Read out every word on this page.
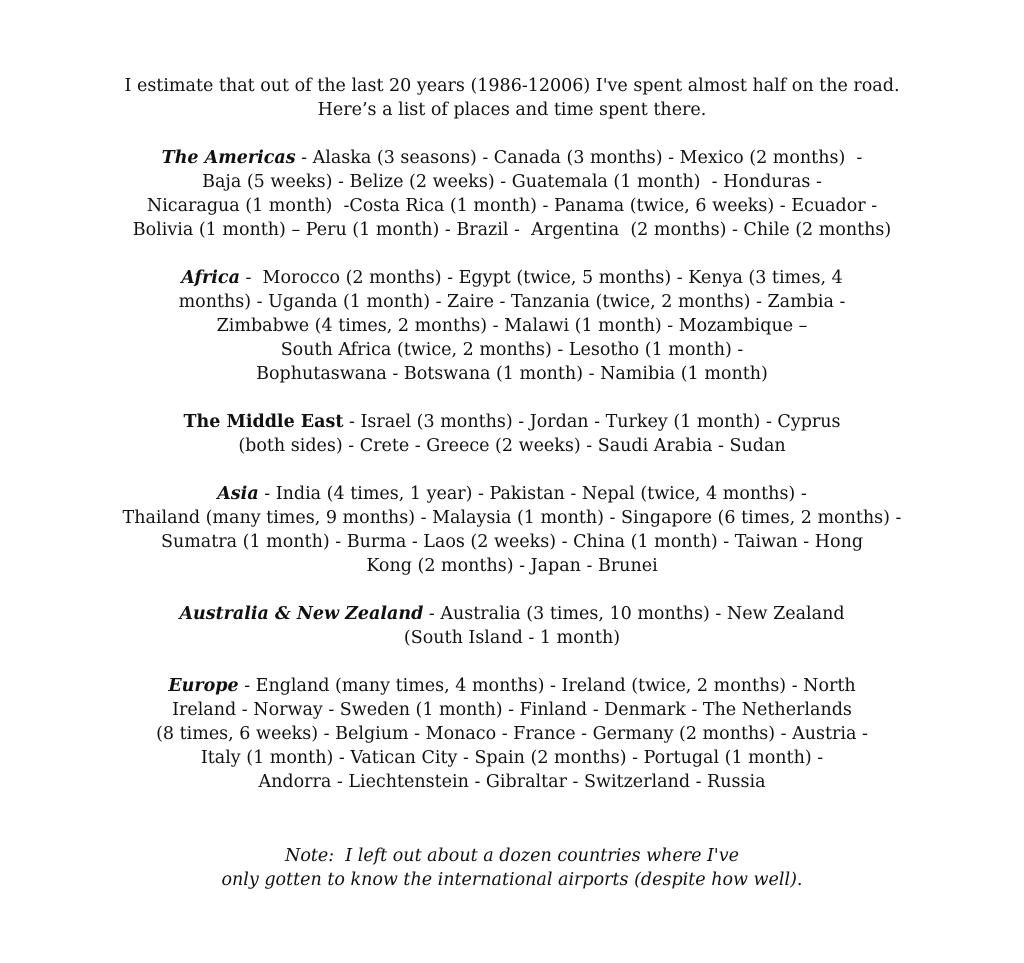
I estimate that out of the last 20 years (1986-12006) I've spent almost half on the road.
Here’s a list of places and time spent there.
The Americas - Alaska (3 seasons) - Canada (3 months) - Mexico (2 months)  -
Baja (5 weeks) - Belize (2 weeks) - Guatemala (1 month)  - Honduras -
Nicaragua (1 month)  -Costa Rica (1 month) - Panama (twice, 6 weeks) - Ecuador -
Bolivia (1 month) – Peru (1 month) - Brazil -  Argentina  (2 months) - Chile (2 months)
Africa -  Morocco (2 months) - Egypt (twice, 5 months) - Kenya (3 times, 4
months) - Uganda (1 month) - Zaire - Tanzania (twice, 2 months) - Zambia -
Zimbabwe (4 times, 2 months) - Malawi (1 month) - Mozambique –
South Africa (twice, 2 months) - Lesotho (1 month) -
Bophutaswana - Botswana (1 month) - Namibia (1 month)
The Middle East - Israel (3 months) - Jordan - Turkey (1 month) - Cyprus
(both sides) - Crete - Greece (2 weeks) - Saudi Arabia - Sudan
Asia - India (4 times, 1 year) - Pakistan - Nepal (twice, 4 months) -
Thailand (many times, 9 months) - Malaysia (1 month) - Singapore (6 times, 2 months) -
Sumatra (1 month) - Burma - Laos (2 weeks) - China (1 month) - Taiwan - Hong
Kong (2 months) - Japan - Brunei
Australia & New Zealand - Australia (3 times, 10 months) - New Zealand
(South Island - 1 month)
Europe - England (many times, 4 months) - Ireland (twice, 2 months) - North
Ireland - Norway - Sweden (1 month) - Finland - Denmark - The Netherlands
(8 times, 6 weeks) - Belgium - Monaco - France - Germany (2 months) - Austria -
Italy (1 month) - Vatican City - Spain (2 months) - Portugal (1 month) -
Andorra - Liechtenstein - Gibraltar - Switzerland - Russia
Note:  I left out about a dozen countries where I've
only gotten to know the international airports (despite how well).
